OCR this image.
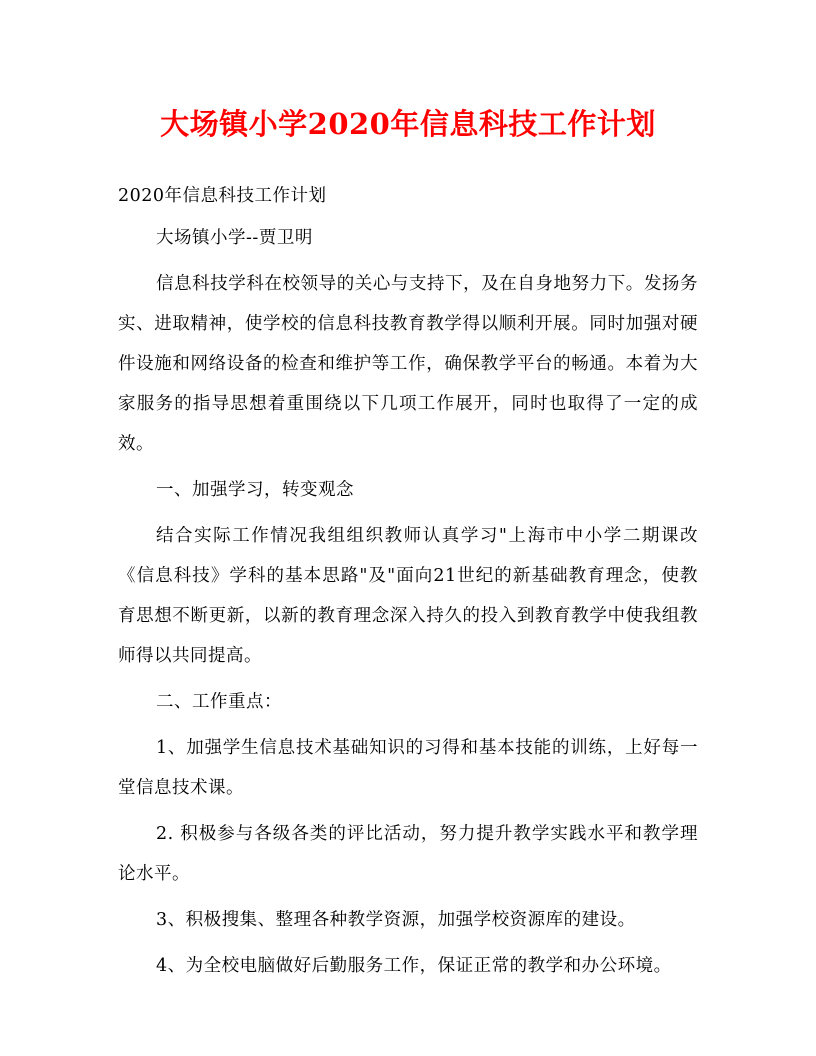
大场镇小学2020年信息科技工作计划

2020年信息科技工作计划

大场镇小学--贾卫明

信息科技学科在校领导的关心与支持下，及在自身地努力下。发扬务实、进取精神，使学校的信息科技教育教学得以顺利开展。同时加强对硬件设施和网络设备的检查和维护等工作，确保教学平台的畅通。本着为大家服务的指导思想着重围绕以下几项工作展开，同时也取得了一定的成效。

一、加强学习，转变观念

结合实际工作情况我组组织教师认真学习"上海市中小学二期课改《信息科技》学科的基本思路"及"面向21世纪的新基础教育理念，使教育思想不断更新，以新的教育理念深入持久的投入到教育教学中使我组教师得以共同提高。

二、工作重点：

1、加强学生信息技术基础知识的习得和基本技能的训练，上好每一堂信息技术课。

2. 积极参与各级各类的评比活动，努力提升教学实践水平和教学理论水平。

3、积极搜集、整理各种教学资源，加强学校资源库的建设。

4、为全校电脑做好后勤服务工作，保证正常的教学和办公环境。
